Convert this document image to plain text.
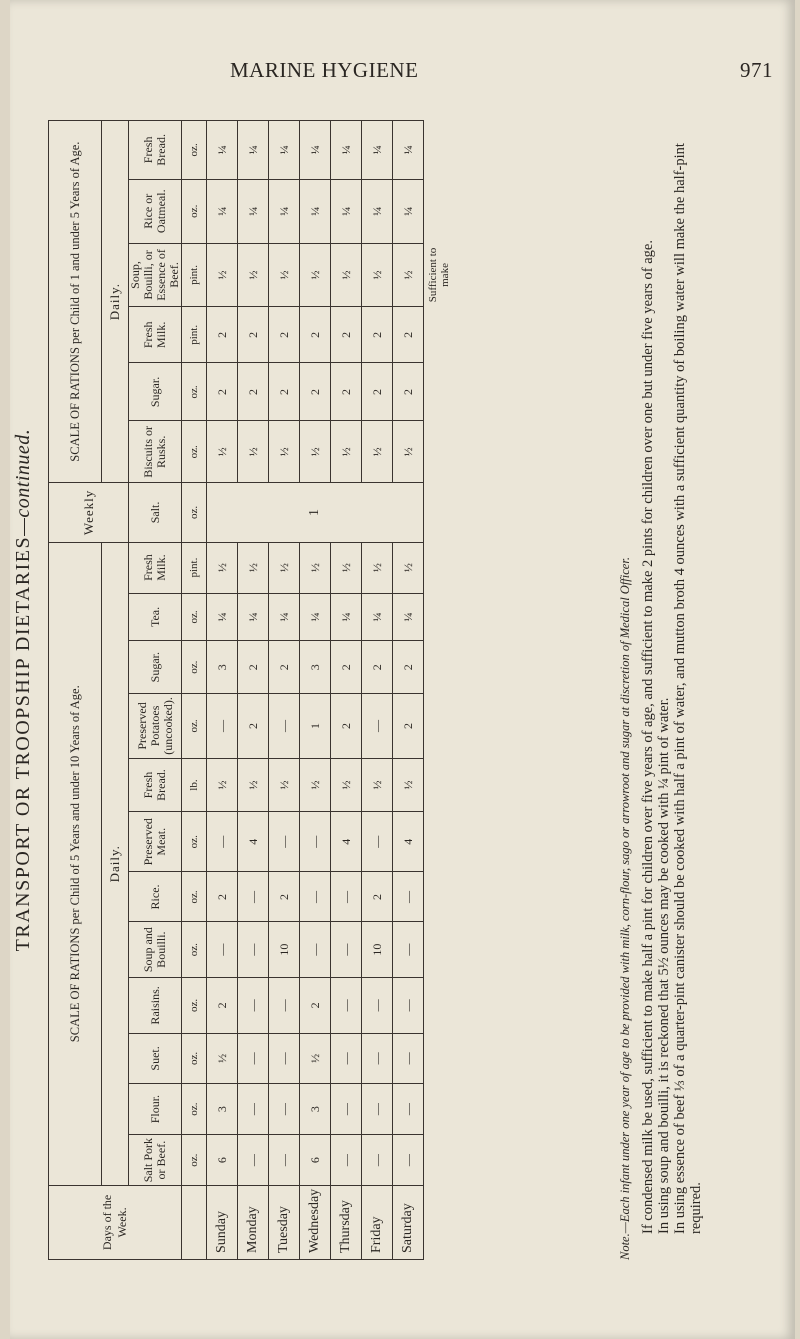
MARINE HYGIENE	971
TRANSPORT OR TROOPSHIP DIETARIES—continued.
Days of the Week.	SCALE OF RATIONS per Child of 5 Years and under 10 Years of Age.												Weekly	SCALE OF RATIONS per Child of 1 and under 5 Years of Age.					
	Daily.													Daily.					
	Salt Pork or Beef.	Flour.	Suet.	Raisins.	Soup and Bouilli.	Rice.	Preserved Meat.	Fresh Bread.	Preserved Potatoes (uncooked).	Sugar.	Tea.	Fresh Milk.	Salt.	Biscuits or Rusks.	Sugar.	Fresh Milk.	Soup, Bouilli, or Essence of Beef.	Rice or Oatmeal.	Fresh Bread.
	oz.	oz.	oz.	oz.	oz.	oz.	oz.	lb.	oz.	oz.	oz.	pint.	oz.	oz.	oz.	pint.	pint.	oz.	oz.
Sunday	6	3	½	2	—	2	—	½	—	3	¼	½	1	½	2	2	½	¼	¼
Monday	—	—	—	—	—	—	4	½	2	2	¼	½		½	2	2	½	¼	¼
Tuesday	—	—	—	—	10	2	—	½	—	2	¼	½		½	2	2	½	¼	¼
Wednesday	6	3	½	2	—	—	—	½	1	3	¼	½		½	2	2	½	¼	¼
Thursday	—	—	—	—	—	—	4	½	2	2	¼	½		½	2	2	½	¼	¼
Friday	—	—	—	—	10	2	—	½	—	2	¼	½		½	2	2	½	¼	¼
Saturday	—	—	—	—	—	—	4	½	2	2	¼	½		½	2	2	½	¼	¼
																	Sufficient to make		
Note.—Each infant under one year of age to be provided with milk, corn-flour, sago or arrowroot and sugar at discretion of Medical Officer. If condensed milk be used, sufficient to make half a pint for children over five years of age, and sufficient to make 2 pints for children over one but under five years of age. In using soup and bouilli, it is reckoned that 5½ ounces may be cooked with ¼ pint of water. In using essence of beef ⅓ of a quarter-pint canister should be cooked with half a pint of water, and mutton broth 4 ounces with a sufficient quantity of boiling water will make the half-pint required.
